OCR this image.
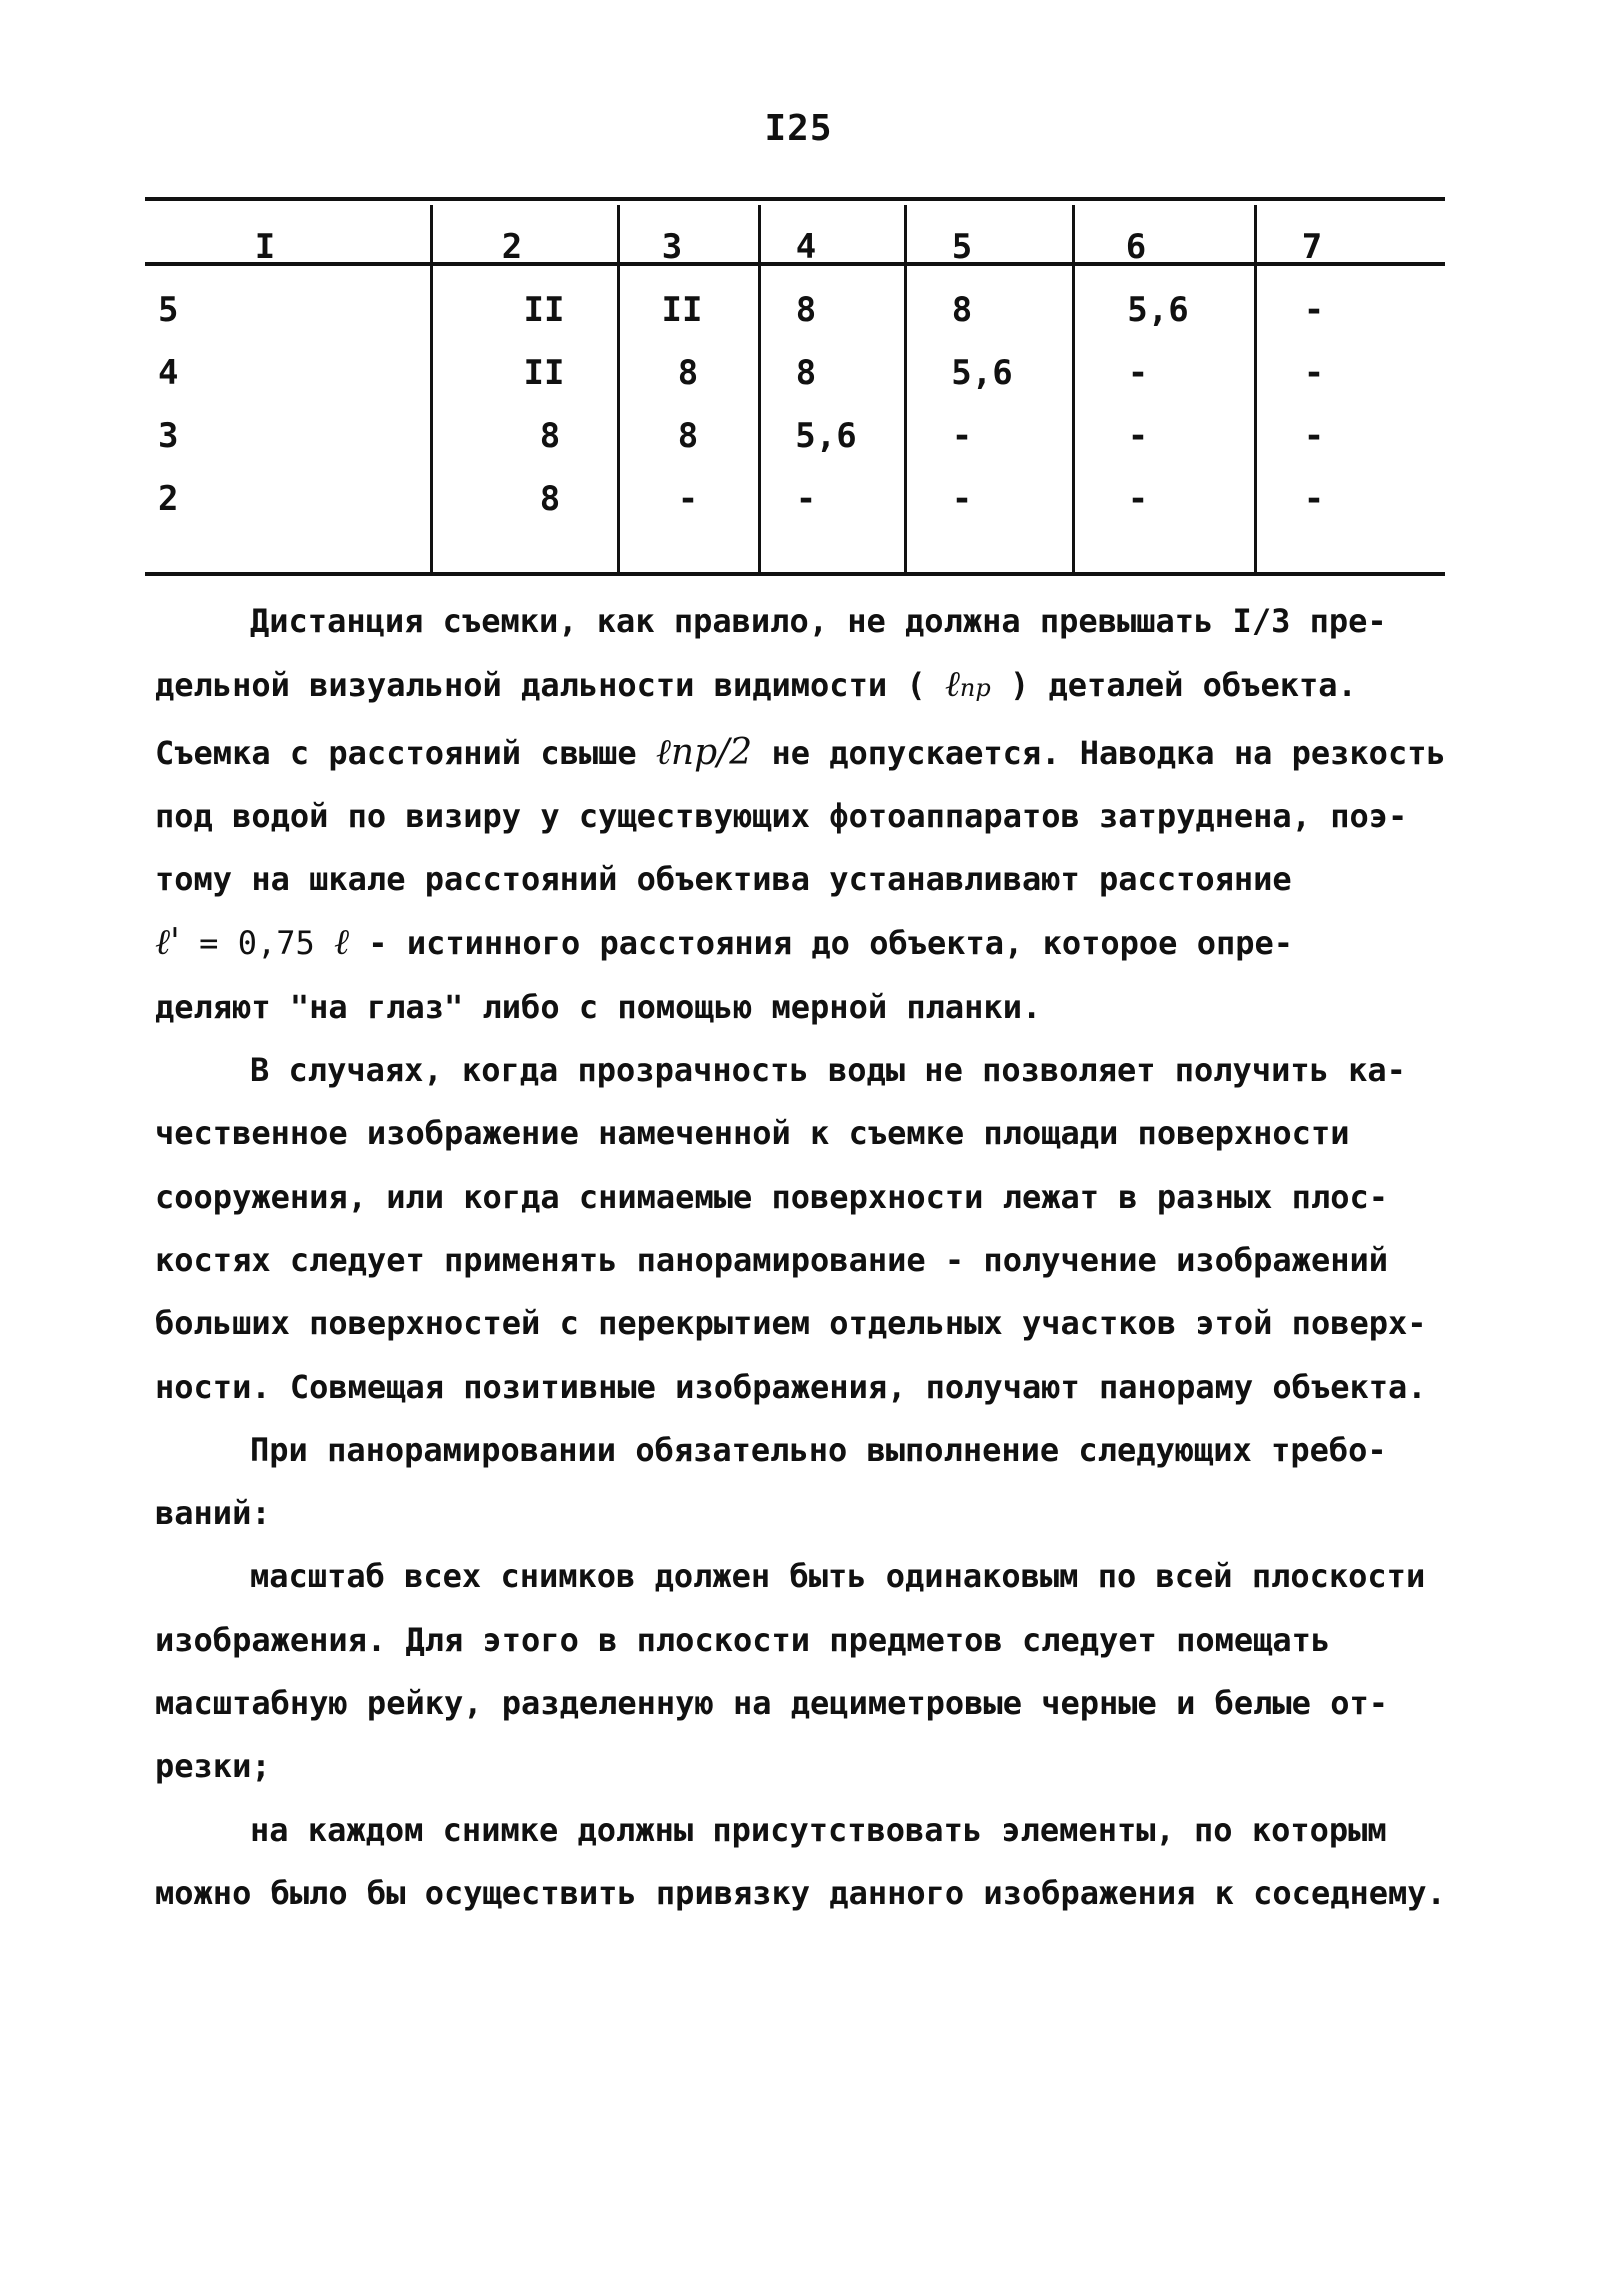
I25
I	2	3	4	5	6	7
5	II	II	8	8	5,6	-
4	II	8	8	5,6	-	-
3	8	8	5,6	-	-	-
2	8	-	-	-	-	-
Дистанция съемки, как правило, не должна превышать I/3 пре-
дельной визуальной дальности видимости ( ℓпр ) деталей объекта.
Съемка с расстояний свыше ℓпр/2 не допускается. Наводка на резкость
под водой по визиру у существующих фотоаппаратов затруднена, поэ-
тому на шкале расстояний объектива устанавливают расстояние
ℓ' = 0,75 ℓ - истинного расстояния до объекта, которое опре-
деляют "на глаз" либо с помощью мерной планки.
В случаях, когда прозрачность воды не позволяет получить ка-
чественное изображение намеченной к съемке площади поверхности
сооружения, или когда снимаемые поверхности лежат в разных плос-
костях следует применять панорамирование - получение изображений
больших поверхностей с перекрытием отдельных участков этой поверх-
ности. Совмещая позитивные изображения, получают панораму объекта.
При панорамировании обязательно выполнение следующих требо-
ваний:
масштаб всех снимков должен быть одинаковым по всей плоскости
изображения. Для этого в плоскости предметов следует помещать
масштабную рейку, разделенную на дециметровые черные и белые от-
резки;
на каждом снимке должны присутствовать элементы, по которым
можно было бы осуществить привязку данного изображения к соседнему.
